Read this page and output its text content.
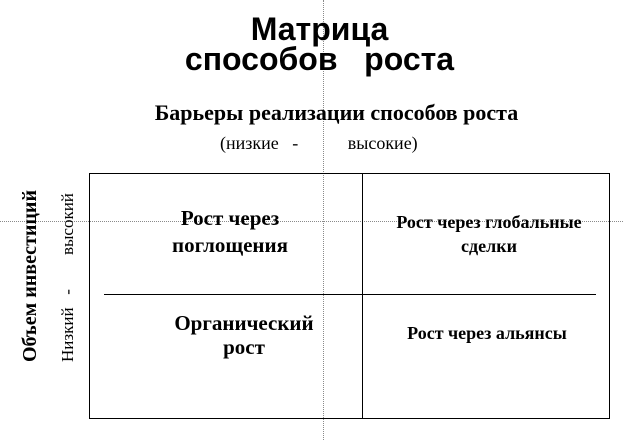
Матрица
способов   роста
Барьеры реализации способов роста
(низкие   -           высокие)
Рост через
поглощения
Рост через глобальные
сделки
Органический
рост
Рост через альянсы
Объем инвестиций Низкий   -        высокий
